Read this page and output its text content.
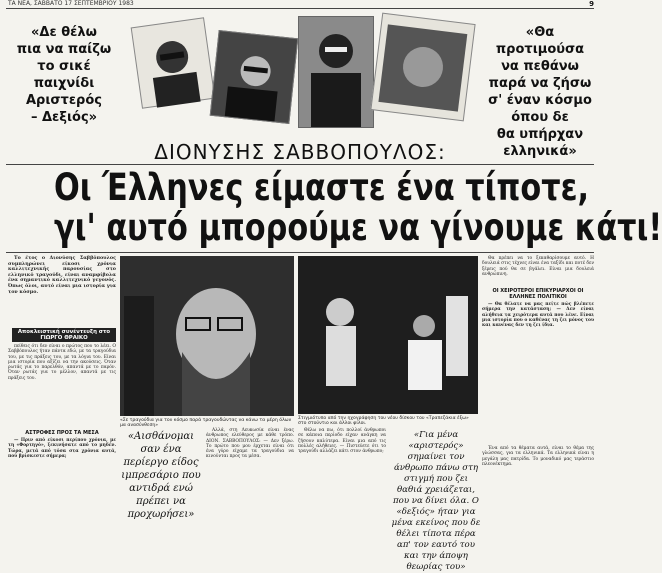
ΤΑ ΝΕΑ, ΣΑΒΒΑΤΟ 17 ΣΕΠΤΕΜΒΡΙΟΥ 1983	9
«Δε θέλω
πια να παίζω
το σικέ
παιχνίδι
Αριστερός
– Δεξιός»
«Θα προτιμούσα
να πεθάνω
παρά να ζήσω
σ' έναν κόσμο
όπου δε
θα υπήρχαν
ελληνικά»
ΔΙΟΝΥΣΗΣ ΣΑΒΒΟΠΟΥΛΟΣ:
Οι Έλληνες είμαστε ένα τίποτε,
γι' αυτό μπορούμε να γίνουμε κάτι!

Το έτος ο Διονύσης Σαββόπουλος συμπληρώνει είκοσι χρόνια καλλιτεχνικής παρουσίας στο ελληνικό τραγούδι, είναι αναμφίβολα ένα σημαντικό καλλιτεχνικό γεγονός. Όπως όλοι, αυτό είναι μια ιστορία για τον κόσμο.

Αποκλειστική συνέντευξη στο ΓΙΩΡΓΟ ΘΡΑΙΚΟ

πείθεις ότι δεν είναι ο πρώτος που το λέει. Ο Σαββόπουλος ήταν πάντα εδώ, με τα τραγούδια του, με τις πράξεις του, με τα λόγια του. Είναι μια ιστορία που αξίζει να την ακούσεις. Όταν ρωτάς για το παρελθόν, απαντά με το παρόν. Όταν ρωτάς για το μέλλον, απαντά με τις πράξεις του.

ΑΣΤΡΟΦΕΣ ΠΡΟΣ ΤΑ ΜΕΣΑ

— Πριν από είκοσι περίπου χρόνια, με τη «Φορτηγό», ξεκινήσατε από το μηδέν. Τώρα, μετά από τόσα στα χρόνια αυτά, πού βρίσκεστε σήμερα;

«Σε τραγούδια για τον κόσμο παρά τραγουδώντας να κάνω τα μέρη όλων μα ανασύνθεση»
«Αισθάνομαι σαν ένα περίεργο είδος ιμπρεσάριο που αντιδρά ενώ πρέπει να προχωρήσει»

Αλλά, στη Λευκωσία είναι ένας άνθρωπος ελεύθερος με κάθε τρόπο. ΔΙΟΝ. ΣΑΒΒΟΠΟΥΛΟΣ: — Δεν ξέρω. Το πρώτο που μου έρχεται είναι ότι ένα γύρο είχαμε τα τραγούδια να κινούνται προς τα μέσα.

Θέλω να πω, ότι πολλοί άνθρωποι σε κάποια περίοδο είχαν ανάγκη να ζήσουν καλύτερα. Είναι μια από τις πολλές αλήθειες. — Πιστεύετε ότι το τραγούδι αλλάζει κάτι στον άνθρωπο;

Στιγμιότυπο από την ηχογράφηση του νέου δίσκου του «Τραπεζάκια έξω» στο στούντιο και άλλοι φίλοι.
«Για μένα «αριστερός» σημαίνει τον άνθρωπο πάνω στη στιγμή που ζει θαθιά χρειάζεται, που να δίνει όλα. Ο «δεξιός» ήταν για μένα εκείνος που δε θέλει τίποτα πέρα απ' τον εαυτό του και την άποψη θεωρίας του»

Θα πρέπει να το ξεκαθαρίσουμε αυτό. Η δουλειά στις τέχνες είναι ένα ταξίδι και ποτέ δεν ξέρεις πού θα σε βγάλει. Είναι μια δουλειά ανθρώπινη.

ΟΙ ΧΕΙΡΟΤΕΡΟΙ ΕΠΙΚΥΡΙΑΡΧΟΙ ΟΙ ΕΛΛΗΝΕΣ ΠΟΛΙΤΙΚΟΙ

— Θα θέλατε να μας πείτε πώς βλέπετε σήμερα την κατάσταση; — Δεν είναι αλήθεια τα χειρότερα αυτά που λένε. Είναι μια ιστορία που ο καθένας τη ζει μόνος του και κανένας δεν τη ζει ίδια.

Ένα από τα θέματα αυτά, είναι το θέμα της γλώσσας, για τα ελληνικά. Τα ελληνικά είναι η μεγάλη μας πατρίδα. Το μοναδικό μας τεράστιο πλεονέκτημα.
